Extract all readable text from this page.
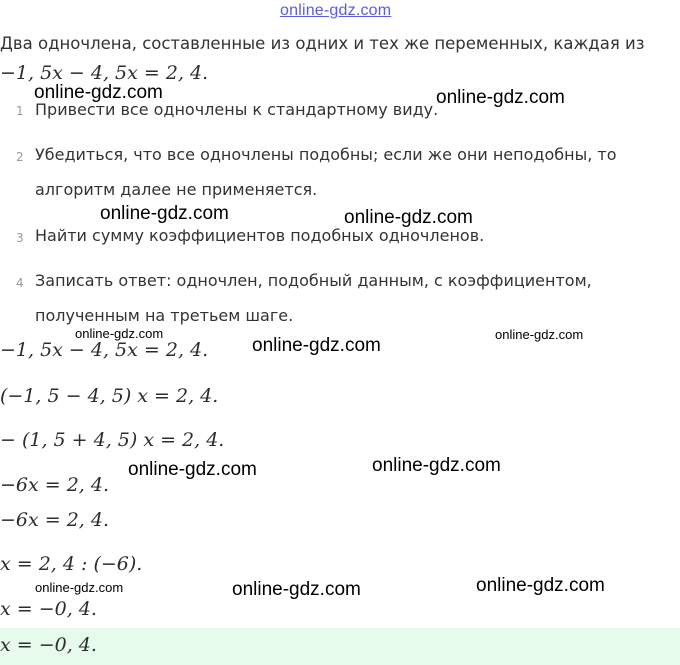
online-gdz.com
Два одночлена, составленные из одних и тех же переменных, каждая из
−1, 5x − 4, 5x = 2, 4.
1 Привести все одночлены к стандартному виду.
2 Убедиться, что все одночлены подобны; если же они неподобны, то
алгоритм далее не применяется.
3 Найти сумму коэффициентов подобных одночленов.
4 Записать ответ: одночлен, подобный данным, с коэффициентом,
полученным на третьем шаге.
−1, 5x − 4, 5x = 2, 4.
(−1, 5 − 4, 5) x = 2, 4.
− (1, 5 + 4, 5) x = 2, 4.
−6x = 2, 4.
−6x = 2, 4.
x = 2, 4 : (−6).
x = −0, 4.
x = −0, 4.
online-gdz.com	online-gdz.com
online-gdz.com	online-gdz.com
online-gdz.com	online-gdz.com
online-gdz.com
online-gdz.com	online-gdz.com
online-gdz.com	online-gdz.com	online-gdz.com
